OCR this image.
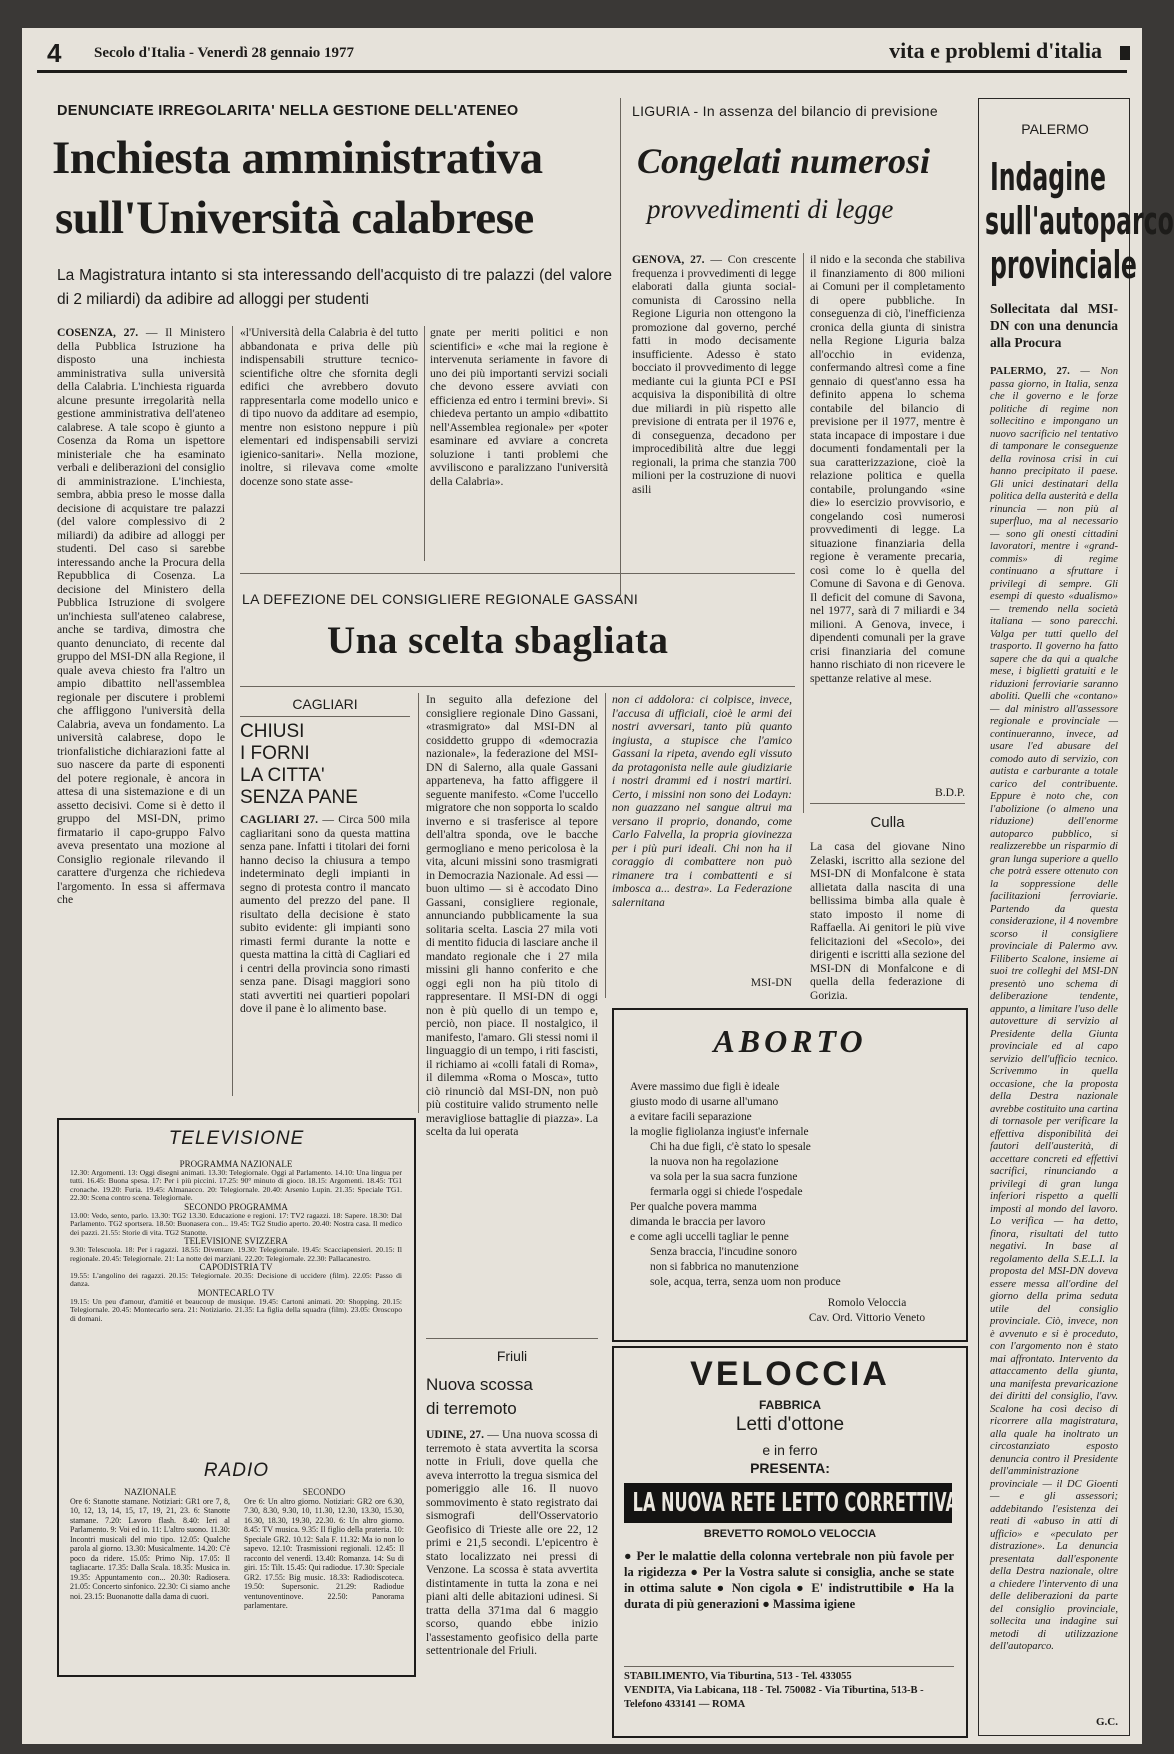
4 Secolo d'Italia - Venerdì 28 gennaio 1977	vita e problemi d'italia
DENUNCIATE IRREGOLARITA' NELLA GESTIONE DELL'ATENEO
Inchiesta amministrativa
sull'Università calabrese
La Magistratura intanto si sta interessando dell'acquisto di tre palazzi (del valore di 2 miliardi) da adibire ad alloggi per studenti
COSENZA, 27. — Il Ministero della Pubblica Istruzione ha disposto una inchiesta amministrativa sulla università della Calabria. L'inchiesta riguarda alcune presunte irregolarità nella gestione amministrativa dell'ateneo calabrese. A tale scopo è giunto a Cosenza da Roma un ispettore ministeriale che ha esaminato verbali e deliberazioni del consiglio di amministrazione. L'inchiesta, sembra, abbia preso le mosse dalla decisione di acquistare tre palazzi (del valore complessivo di 2 miliardi) da adibire ad alloggi per studenti. Del caso si sarebbe interessando anche la Procura della Repubblica di Cosenza. La decisione del Ministero della Pubblica Istruzione di svolgere un'inchiesta sull'ateneo calabrese, anche se tardiva, dimostra che quanto denunciato, di recente dal gruppo del MSI-DN alla Regione, il quale aveva chiesto fra l'altro un ampio dibattito nell'assemblea regionale per discutere i problemi che affliggono l'università della Calabria, aveva un fondamento. La università calabrese, dopo le trionfalistiche dichiarazioni fatte al suo nascere da parte di esponenti del potere regionale, è ancora in attesa di una sistemazione e di un assetto decisivi. Come si è detto il gruppo del MSI-DN, primo firmatario il capo-gruppo Falvo aveva presentato una mozione al Consiglio regionale rilevando il carattere d'urgenza che richiedeva l'argomento. In essa si affermava che
«l'Università della Calabria è del tutto abbandonata e priva delle più indispensabili strutture tecnico-scientifiche oltre che sfornita degli edifici che avrebbero dovuto rappresentarla come modello unico e di tipo nuovo da additare ad esempio, mentre non esistono neppure i più elementari ed indispensabili servizi igienico-sanitari». Nella mozione, inoltre, si rilevava come «molte docenze sono state asse-
gnate per meriti politici e non scientifici» e «che mai la regione è intervenuta seriamente in favore di uno dei più importanti servizi sociali che devono essere avviati con efficienza ed entro i termini brevi». Si chiedeva pertanto un ampio «dibattito nell'Assemblea regionale» per «poter esaminare ed avviare a concreta soluzione i tanti problemi che avviliscono e paralizzano l'università della Calabria».
LIGURIA - In assenza del bilancio di previsione
Congelati numerosi
provvedimenti di legge
GENOVA, 27. — Con crescente frequenza i provvedimenti di legge elaborati dalla giunta social-comunista di Carossino nella Regione Liguria non ottengono la promozione dal governo, perché fatti in modo decisamente insufficiente. Adesso è stato bocciato il provvedimento di legge mediante cui la giunta PCI e PSI acquisiva la disponibilità di oltre due miliardi in più rispetto alle previsione di entrata per il 1976 e, di conseguenza, decadono per improcedibilità altre due leggi regionali, la prima che stanzia 700 milioni per la costruzione di nuovi asili
il nido e la seconda che stabiliva il finanziamento di 800 milioni ai Comuni per il completamento di opere pubbliche. In conseguenza di ciò, l'inefficienza cronica della giunta di sinistra nella Regione Liguria balza all'occhio in evidenza, confermando altresì come a fine gennaio di quest'anno essa ha definito appena lo schema contabile del bilancio di previsione per il 1977, mentre è stata incapace di impostare i due documenti fondamentali per la sua caratterizzazione, cioè la relazione politica e quella contabile, prolungando «sine die» lo esercizio provvisorio, e congelando così numerosi provvedimenti di legge. La situazione finanziaria della regione è veramente precaria, così come lo è quella del Comune di Savona e di Genova. Il deficit del comune di Savona, nel 1977, sarà di 7 miliardi e 34 milioni. A Genova, invece, i dipendenti comunali per la grave crisi finanziaria del comune hanno rischiato di non ricevere le spettanze relative al mese.
B.D.P.
LA DEFEZIONE DEL CONSIGLIERE REGIONALE GASSANI
Una scelta sbagliata
CAGLIARI
CHIUSI
I FORNI
LA CITTA'
SENZA PANE
CAGLIARI 27. — Circa 500 mila cagliaritani sono da questa mattina senza pane. Infatti i titolari dei forni hanno deciso la chiusura a tempo indeterminato degli impianti in segno di protesta contro il mancato aumento del prezzo del pane. Il risultato della decisione è stato subito evidente: gli impianti sono rimasti fermi durante la notte e questa mattina la città di Cagliari ed i centri della provincia sono rimasti senza pane. Disagi maggiori sono stati avvertiti nei quartieri popolari dove il pane è lo alimento base.
In seguito alla defezione del consigliere regionale Dino Gassani, «trasmigrato» dal MSI-DN al cosiddetto gruppo di «democrazia nazionale», la federazione del MSI-DN di Salerno, alla quale Gassani apparteneva, ha fatto affiggere il seguente manifesto. «Come l'uccello migratore che non sopporta lo scaldo inverno e si trasferisce al tepore dell'altra sponda, ove le bacche germogliano e meno pericolosa è la vita, alcuni missini sono trasmigrati in Democrazia Nazionale. Ad essi — buon ultimo — si è accodato Dino Gassani, consigliere regionale, annunciando pubblicamente la sua solitaria scelta. Lascia 27 mila voti di mentito fiducia di lasciare anche il mandato regionale che i 27 mila missini gli hanno conferito e che oggi egli non ha più titolo di rappresentare. Il MSI-DN di oggi non è più quello di un tempo e, perciò, non piace. Il nostalgico, il manifesto, l'amaro. Gli stessi nomi il linguaggio di un tempo, i riti fascisti, il richiamo ai «colli fatali di Roma», il dilemma «Roma o Mosca», tutto ciò rinunciò dal MSI-DN, non può più costituire valido strumento nelle meravigliose battaglie di piazza». La scelta da lui operata
non ci addolora: ci colpisce, invece, l'accusa di ufficiali, cioè le armi dei nostri avversari, tanto più quanto ingiusta, a stupisce che l'amico Gassani la ripeta, avendo egli vissuto da protagonista nelle aule giudiziarie i nostri drammi ed i nostri martiri. Certo, i missini non sono dei Lodayn: non guazzano nel sangue altrui ma versano il proprio, donando, come Carlo Falvella, la propria giovinezza per i più puri ideali. Chi non ha il coraggio di combattere non può rimanere tra i combattenti e si imbosca a... destra». La Federazione salernitana
MSI-DN
Culla
La casa del giovane Nino Zelaski, iscritto alla sezione del MSI-DN di Monfalcone è stata allietata dalla nascita di una bellissima bimba alla quale è stato imposto il nome di Raffaella. Ai genitori le più vive felicitazioni del «Secolo», dei dirigenti e iscritti alla sezione del MSI-DN di Monfalcone e di quella della federazione di Gorizia.
TELEVISIONE
PROGRAMMA NAZIONALE
12.30: Argomenti. 13: Oggi disegni animati. 13.30: Telegiornale. Oggi al Parlamento. 14.10: Una lingua per tutti. 16.45: Buona spesa. 17: Per i più piccini. 17.25: 90° minuto di gioco. 18.15: Argomenti. 18.45: TG1 cronache. 19.20: Furia. 19.45: Almanacco. 20: Telegiornale. 20.40: Arsenio Lupin. 21.35: Speciale TG1. 22.30: Scena contro scena. Telegiornale.
SECONDO PROGRAMMA
13.00: Vedo, sento, parlo. 13.30: TG2 13.30. Educazione e regioni. 17: TV2 ragazzi. 18: Sapere. 18.30: Dal Parlamento. TG2 sportsera. 18.50: Buonasera con... 19.45: TG2 Studio aperto. 20.40: Nostra casa. Il medico dei pazzi. 21.55: Storie di vita. TG2 Stanotte.
TELEVISIONE SVIZZERA
9.30: Telescuola. 18: Per i ragazzi. 18.55: Diventare. 19.30: Telegiornale. 19.45: Scacciapensieri. 20.15: Il regionale. 20.45: Telegiornale. 21: La notte dei marziani. 22.20: Telegiornale. 22.30: Pallacanestro.
CAPODISTRIA TV
19.55: L'angolino dei ragazzi. 20.15: Telegiornale. 20.35: Decisione di uccidere (film). 22.05: Passo di danza.
MONTECARLO TV
19.15: Un peu d'amour, d'amitié et beaucoup de musique. 19.45: Cartoni animati. 20: Shopping. 20.15: Telegiornale. 20.45: Montecarlo sera. 21: Notiziario. 21.35: La figlia della squadra (film). 23.05: Oroscopo di domani.
RADIO
NAZIONALE
Ore 6: Stanotte stamane. Notiziari: GR1 ore 7, 8, 10, 12, 13, 14, 15, 17, 19, 21, 23. 6: Stanotte stamane. 7.20: Lavoro flash. 8.40: Ieri al Parlamento. 9: Voi ed io. 11: L'altro suono. 11.30: Incontri musicali del mio tipo. 12.05: Qualche parola al giorno. 13.30: Musicalmente. 14.20: C'è poco da ridere. 15.05: Primo Nip. 17.05: Il tagliacarte. 17.35: Dalla Scala. 18.35: Musica in. 19.35: Appuntamento con... 20.30: Radiosera. 21.05: Concerto sinfonico. 22.30: Ci siamo anche noi. 23.15: Buonanotte dalla dama di cuori.
SECONDO
Ore 6: Un altro giorno. Notiziari: GR2 ore 6.30, 7.30, 8.30, 9.30, 10, 11.30, 12.30, 13.30, 15.30, 16.30, 18.30, 19.30, 22.30. 6: Un altro giorno. 8.45: TV musica. 9.35: Il figlio della prateria. 10: Speciale GR2. 10.12: Sala F. 11.32: Ma io non lo sapevo. 12.10: Trasmissioni regionali. 12.45: Il racconto del venerdì. 13.40: Romanza. 14: Su di giri. 15: Tilt. 15.45: Qui radiodue. 17.30: Speciale GR2. 17.55: Big music. 18.33: Radiodiscoteca. 19.50: Supersonic. 21.29: Radiodue ventunoventinove. 22.50: Panorama parlamentare.
Friuli
Nuova scossa
di terremoto
UDINE, 27. — Una nuova scossa di terremoto è stata avvertita la scorsa notte in Friuli, dove quella che aveva interrotto la tregua sismica del pomeriggio alle 16. Il nuovo sommovimento è stato registrato dai sismografi dell'Osservatorio Geofisico di Trieste alle ore 22, 12 primi e 21,5 secondi. L'epicentro è stato localizzato nei pressi di Venzone. La scossa è stata avvertita distintamente in tutta la zona e nei piani alti delle abitazioni udinesi. Si tratta della 371ma dal 6 maggio scorso, quando ebbe inizio l'assestamento geofisico della parte settentrionale del Friuli.
ABORTO
Avere massimo due figli è ideale
giusto modo di usarne all'umano
a evitare facili separazione
la moglie figliolanza ingiust'e infernale
Chi ha due figli, c'è stato lo spesale
la nuova non ha regolazione
va sola per la sua sacra funzione
fermarla oggi si chiede l'ospedale
Per qualche povera mamma
dimanda le braccia per lavoro
e come agli uccelli tagliar le penne
Senza braccia, l'incudine sonoro
non si fabbrica no manutenzione
sole, acqua, terra, senza uom non produce
Romolo Veloccia
Cav. Ord. Vittorio Veneto
VELOCCIA
FABBRICA
Letti d'ottone
e in ferro
PRESENTA:
LA NUOVA RETE LETTO CORRETTIVA
BREVETTO ROMOLO VELOCCIA
● Per le malattie della colonna vertebrale non più favole per la rigidezza ● Per la Vostra salute si consiglia, anche se state in ottima salute ● Non cigola ● E' indistruttibile ● Ha la durata di più generazioni ● Massima igiene
STABILIMENTO, Via Tiburtina, 513 - Tel. 433055
VENDITA, Via Labicana, 118 - Tel. 750082 - Via Tiburtina, 513-B - Telefono 433141 — ROMA
PALERMO
Indagine
sull'autoparco
provinciale
Sollecitata dal MSI-DN con una denuncia alla Procura
PALERMO, 27. — Non passa giorno, in Italia, senza che il governo e le forze politiche di regime non sollecitino e impongano un nuovo sacrificio nel tentativo di tamponare le conseguenze della rovinosa crisi in cui hanno precipitato il paese. Gli unici destinatari della politica della austerità e della rinuncia — non più al superfluo, ma al necessario — sono gli onesti cittadini lavoratori, mentre i «grand-commis» di regime continuano a sfruttare i privilegi di sempre. Gli esempi di questo «dualismo» — tremendo nella società italiana — sono parecchi. Valga per tutti quello del trasporto. Il governo ha fatto sapere che da qui a qualche mese, i biglietti gratuiti e le riduzioni ferroviarie saranno aboliti. Quelli che «contano» — dal ministro all'assessore regionale e provinciale — continueranno, invece, ad usare l'ed abusare del comodo auto di servizio, con autista e carburante a totale carico del contribuente. Eppure è noto che, con l'abolizione (o almeno una riduzione) dell'enorme autoparco pubblico, si realizzerebbe un risparmio di gran lunga superiore a quello che potrà essere ottenuto con la soppressione delle facilitazioni ferroviarie. Partendo da questa considerazione, il 4 novembre scorso il consigliere provinciale di Palermo avv. Filiberto Scalone, insieme ai suoi tre colleghi del MSI-DN presentò uno schema di deliberazione tendente, appunto, a limitare l'uso delle autovetture di servizio al Presidente della Giunta provinciale ed al capo servizio dell'ufficio tecnico. Scrivemmo in quella occasione, che la proposta della Destra nazionale avrebbe costituito una cartina di tornasole per verificare la effettiva disponibilità dei fautori dell'austerità, di accettare concreti ed effettivi sacrifici, rinunciando a privilegi di gran lunga inferiori rispetto a quelli imposti al mondo del lavoro. Lo verifica — ha detto, finora, risultati del tutto negativi. In base al regolamento della S.E.L.I. la proposta del MSI-DN doveva essere messa all'ordine del giorno della prima seduta utile del consiglio provinciale. Ciò, invece, non è avvenuto e si è proceduto, con l'argomento non è stato mai affrontato. Intervento da attaccamento della giunta, una manifesta prevaricazione dei diritti del consiglio, l'avv. Scalone ha così deciso di ricorrere alla magistratura, alla quale ha inoltrato un circostanziato esposto denuncia contro il Presidente dell'amministrazione provinciale — il DC Gioenti — e gli assessori; addebitando l'esistenza dei reati di «abuso in atti di ufficio» e «peculato per distrazione». La denuncia presentata dall'esponente della Destra nazionale, oltre a chiedere l'intervento di una delle deliberazioni da parte del consiglio provinciale, sollecita una indagine sui metodi di utilizzazione dell'autoparco.
G.C.
